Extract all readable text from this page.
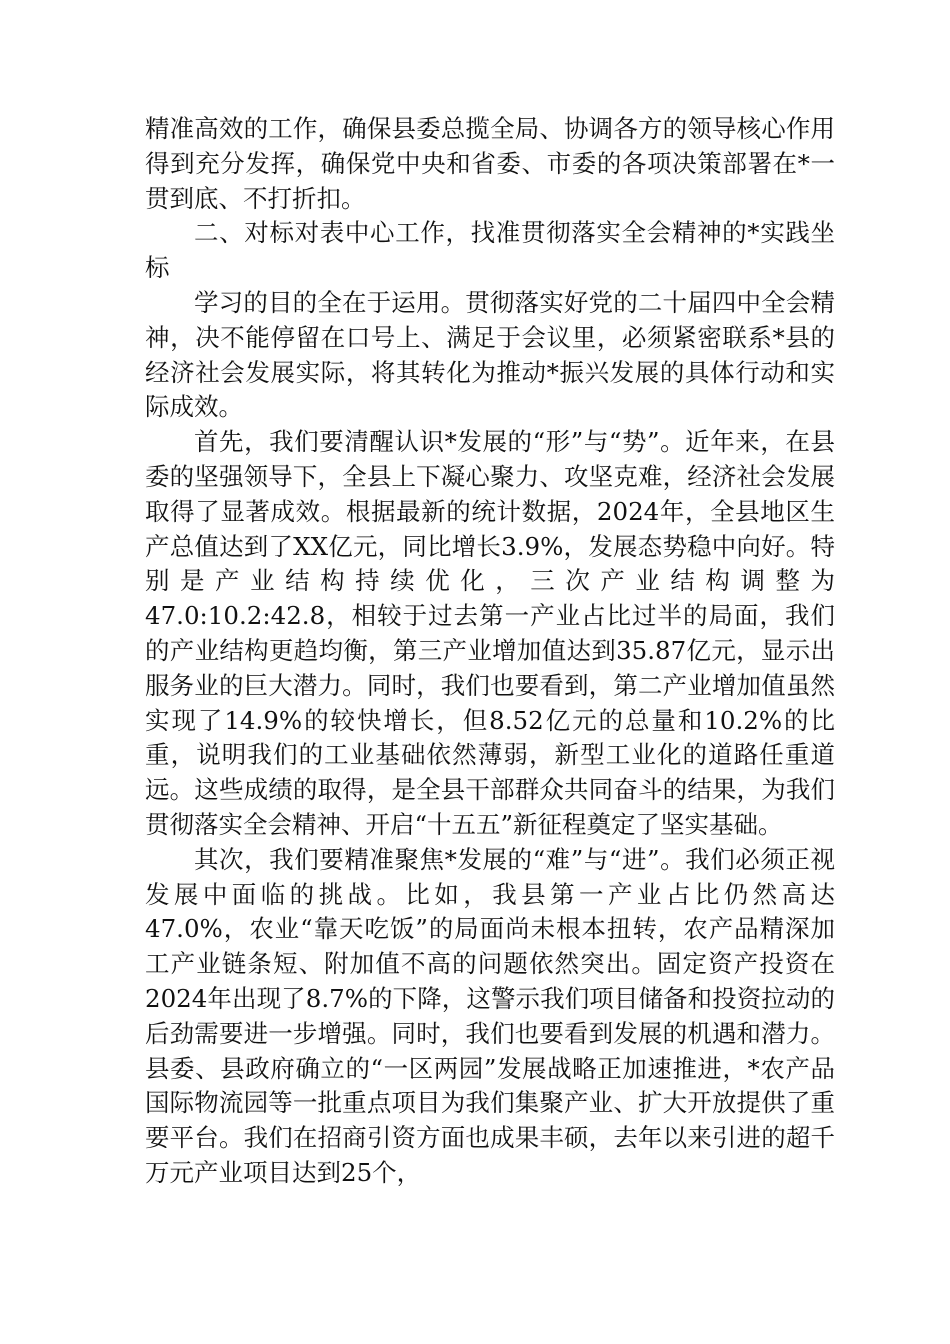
精准高效的工作，确保县委总揽全局、协调各方的领导核心作用得到充分发挥，确保党中央和省委、市委的各项决策部署在*一贯到底、不打折扣。

二、对标对表中心工作，找准贯彻落实全会精神的*实践坐标

学习的目的全在于运用。贯彻落实好党的二十届四中全会精神，决不能停留在口号上、满足于会议里，必须紧密联系*县的经济社会发展实际，将其转化为推动*振兴发展的具体行动和实际成效。

首先，我们要清醒认识*发展的“形”与“势”。近年来，在县委的坚强领导下，全县上下凝心聚力、攻坚克难，经济社会发展取得了显著成效。根据最新的统计数据，2024年，全县地区生产总值达到了XX亿元，同比增长3.9%，发展态势稳中向好。特别是产业结构持续优化，三次产业结构调整为47.0:10.2:42.8，相较于过去第一产业占比过半的局面，我们的产业结构更趋均衡，第三产业增加值达到35.87亿元，显示出服务业的巨大潜力。同时，我们也要看到，第二产业增加值虽然实现了14.9%的较快增长，但8.52亿元的总量和10.2%的比重，说明我们的工业基础依然薄弱，新型工业化的道路任重道远。这些成绩的取得，是全县干部群众共同奋斗的结果，为我们贯彻落实全会精神、开启“十五五”新征程奠定了坚实基础。

其次，我们要精准聚焦*发展的“难”与“进”。我们必须正视发展中面临的挑战。比如，我县第一产业占比仍然高达47.0%，农业“靠天吃饭”的局面尚未根本扭转，农产品精深加工产业链条短、附加值不高的问题依然突出。固定资产投资在2024年出现了8.7%的下降，这警示我们项目储备和投资拉动的后劲需要进一步增强。同时，我们也要看到发展的机遇和潜力。县委、县政府确立的“一区两园”发展战略正加速推进，*农产品国际物流园等一批重点项目为我们集聚产业、扩大开放提供了重要平台。我们在招商引资方面也成果丰硕，去年以来引进的超千万元产业项目达到25个，
